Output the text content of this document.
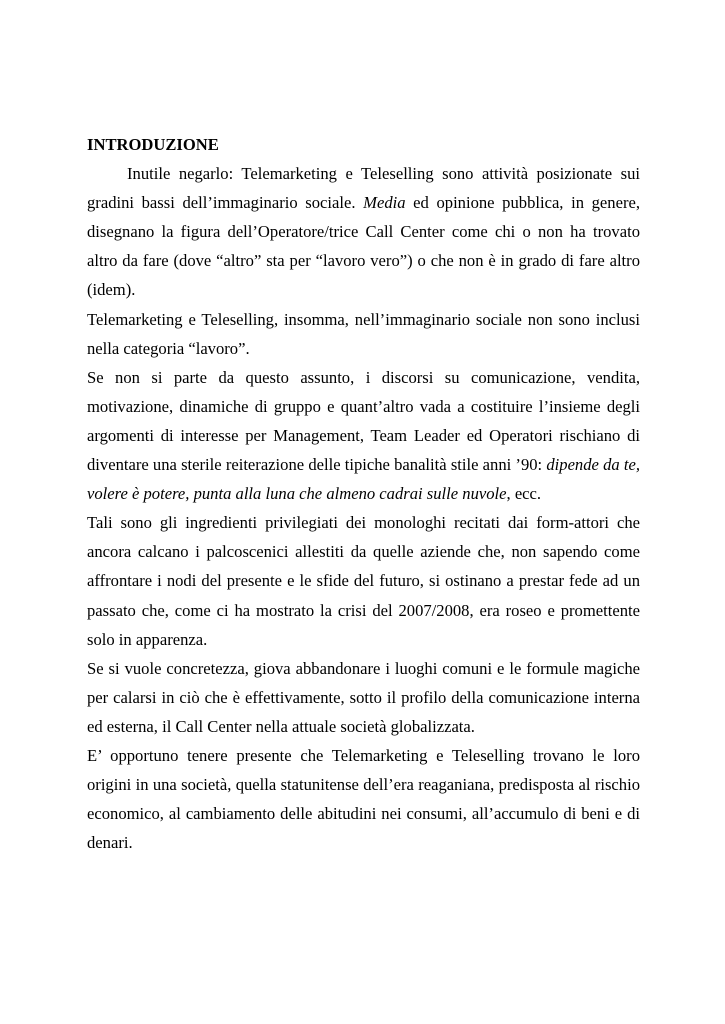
INTRODUZIONE

Inutile negarlo: Telemarketing e Teleselling sono attività posizionate sui gradini bassi dell’immaginario sociale. Media ed opinione pubblica, in genere, disegnano la figura dell’Operatore/trice Call Center come chi o non ha trovato altro da fare (dove “altro” sta per “lavoro vero”) o che non è in grado di fare altro (idem).

Telemarketing e Teleselling, insomma, nell’immaginario sociale non sono inclusi nella categoria “lavoro”.

Se non si parte da questo assunto, i discorsi su comunicazione, vendita, motivazione, dinamiche di gruppo e quant’altro vada a costituire l’insieme degli argomenti di interesse per Management, Team Leader ed Operatori rischiano di diventare una sterile reiterazione delle tipiche banalità stile anni ’90: dipende da te, volere è potere, punta alla luna che almeno cadrai sulle nuvole, ecc.

Tali sono gli ingredienti privilegiati dei monologhi recitati dai form-attori che ancora calcano i palcoscenici allestiti da quelle aziende che, non sapendo come affrontare i nodi del presente e le sfide del futuro, si ostinano a prestar fede ad un passato che, come ci ha mostrato la crisi del 2007/2008, era roseo e promettente solo in apparenza.

Se si vuole concretezza, giova abbandonare i luoghi comuni e le formule magiche per calarsi in ciò che è effettivamente, sotto il profilo della comunicazione interna ed esterna, il Call Center nella attuale società globalizzata.

E’ opportuno tenere presente che Telemarketing e Teleselling trovano le loro origini in una società, quella statunitense dell’era reaganiana, predisposta al rischio economico, al cambiamento delle abitudini nei consumi, all’accumulo di beni e di denari.
